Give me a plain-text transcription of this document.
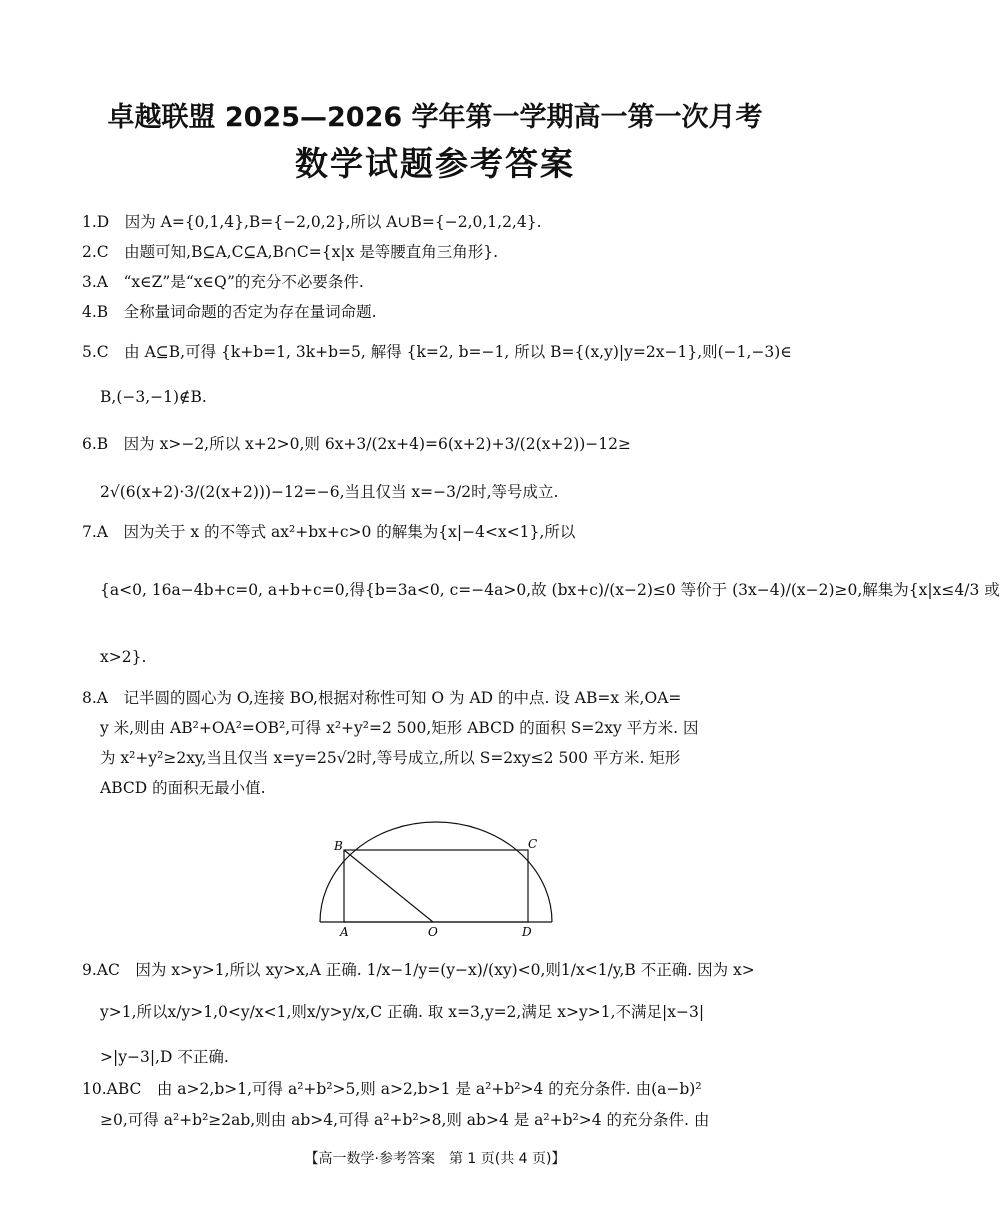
卓越联盟 2025—2026 学年第一学期高一第一次月考
数学试题参考答案
1.D　因为 A={0,1,4},B={−2,0,2},所以 A∪B={−2,0,1,2,4}.
2.C　由题可知,B⊆A,C⊆A,B∩C={x|x 是等腰直角三角形}.
3.A　“x∈Z”是“x∈Q”的充分不必要条件.
4.B　全称量词命题的否定为存在量词命题.
5.C　由 A⊆B,可得 {k+b=1, 3k+b=5, 解得 {k=2, b=−1, 所以 B={(x,y)|y=2x−1},则(−1,−3)∈
B,(−3,−1)∉B.
6.B　因为 x>−2,所以 x+2>0,则 6x+3/(2x+4)=6(x+2)+3/(2(x+2))−12≥
2√(6(x+2)·3/(2(x+2)))−12=−6,当且仅当 x=−3/2时,等号成立.
7.A　因为关于 x 的不等式 ax²+bx+c>0 的解集为{x|−4<x<1},所以
{a<0, 16a−4b+c=0, a+b+c=0,得{b=3a<0, c=−4a>0,故 (bx+c)/(x−2)≤0 等价于 (3x−4)/(x−2)≥0,解集为{x|x≤4/3 或
x>2}.
8.A　记半圆的圆心为 O,连接 BO,根据对称性可知 O 为 AD 的中点. 设 AB=x 米,OA=
y 米,则由 AB²+OA²=OB²,可得 x²+y²=2 500,矩形 ABCD 的面积 S=2xy 平方米. 因
为 x²+y²≥2xy,当且仅当 x=y=25√2时,等号成立,所以 S=2xy≤2 500 平方米. 矩形
ABCD 的面积无最小值.
B	C
A	O	D
9.AC　因为 x>y>1,所以 xy>x,A 正确. 1/x−1/y=(y−x)/(xy)<0,则1/x<1/y,B 不正确. 因为 x>
y>1,所以x/y>1,0<y/x<1,则x/y>y/x,C 正确. 取 x=3,y=2,满足 x>y>1,不满足|x−3|
>|y−3|,D 不正确.
10.ABC　由 a>2,b>1,可得 a²+b²>5,则 a>2,b>1 是 a²+b²>4 的充分条件. 由(a−b)²
≥0,可得 a²+b²≥2ab,则由 ab>4,可得 a²+b²>8,则 ab>4 是 a²+b²>4 的充分条件. 由
【高一数学·参考答案　第 1 页(共 4 页)】
